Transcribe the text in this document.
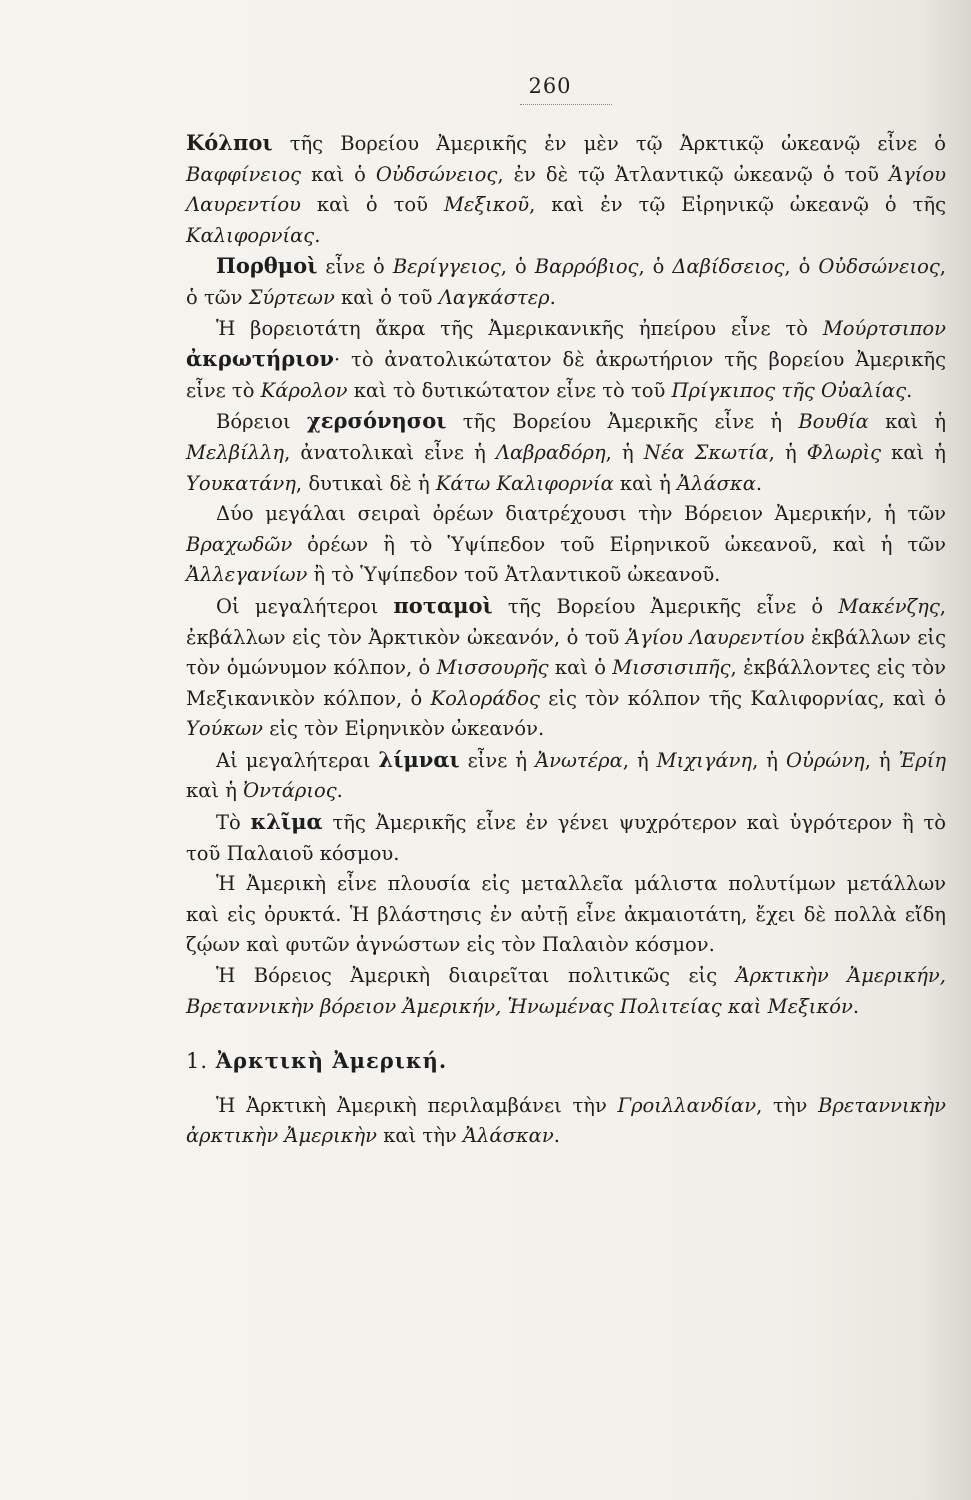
260

Κόλποι τῆς Βορείου Ἀμερικῆς ἐν μὲν τῷ Ἀρκτικῷ ὠκεανῷ εἶνε ὁ Βαφφίνειος καὶ ὁ Οὐδσώνειος, ἐν δὲ τῷ Ἀτλαντικῷ ὠκεανῷ ὁ τοῦ Ἁγίου Λαυρεντίου καὶ ὁ τοῦ Μεξικοῦ, καὶ ἐν τῷ Εἰρηνικῷ ὠκεανῷ ὁ τῆς Καλιφορνίας.

Πορθμοὶ εἶνε ὁ Βερίγγειος, ὁ Βαρρόβιος, ὁ Δαβίδσειος, ὁ Οὐδσώνειος, ὁ τῶν Σύρτεων καὶ ὁ τοῦ Λαγκάστερ.

Ἡ βορειοτάτη ἄκρα τῆς Ἀμερικανικῆς ἠπείρου εἶνε τὸ Μούρτσιπον ἀκρωτήριον· τὸ ἀνατολικώτατον δὲ ἀκρωτήριον τῆς βορείου Ἀμερικῆς εἶνε τὸ Κάρολον καὶ τὸ δυτικώτατον εἶνε τὸ τοῦ Πρίγκιπος τῆς Οὐαλίας.

Βόρειοι χερσόνησοι τῆς Βορείου Ἀμερικῆς εἶνε ἡ Βουθία καὶ ἡ Μελβίλλη, ἀνατολικαὶ εἶνε ἡ Λαβραδόρη, ἡ Νέα Σκωτία, ἡ Φλωρὶς καὶ ἡ Υουκατάνη, δυτικαὶ δὲ ἡ Κάτω Καλιφορνία καὶ ἡ Ἀλάσκα.

Δύο μεγάλαι σειραὶ ὀρέων διατρέχουσι τὴν Βόρειον Ἀμερικήν, ἡ τῶν Βραχωδῶν ὀρέων ἢ τὸ Ὑψίπεδον τοῦ Εἰρηνικοῦ ὠκεανοῦ, καὶ ἡ τῶν Ἀλλεγανίων ἢ τὸ Ὑψίπεδον τοῦ Ἀτλαντικοῦ ὠκεανοῦ.

Οἱ μεγαλήτεροι ποταμοὶ τῆς Βορείου Ἀμερικῆς εἶνε ὁ Μακένζης, ἐκβάλλων εἰς τὸν Ἀρκτικὸν ὠκεανόν, ὁ τοῦ Ἁγίου Λαυρεντίου ἐκβάλλων εἰς τὸν ὁμώνυμον κόλπον, ὁ Μισσουρῆς καὶ ὁ Μισσισιπῆς, ἐκβάλλοντες εἰς τὸν Μεξικανικὸν κόλπον, ὁ Κολοράδος εἰς τὸν κόλπον τῆς Καλιφορνίας, καὶ ὁ Υούκων εἰς τὸν Εἰρηνικὸν ὠκεανόν.

Αἱ μεγαλήτεραι λίμναι εἶνε ἡ Ἀνωτέρα, ἡ Μιχιγάνη, ἡ Οὐρώνη, ἡ Ἐρίη καὶ ἡ Ὀντάριος.

Τὸ κλῖμα τῆς Ἀμερικῆς εἶνε ἐν γένει ψυχρότερον καὶ ὑγρότερον ἢ τὸ τοῦ Παλαιοῦ κόσμου.

Ἡ Ἀμερικὴ εἶνε πλουσία εἰς μεταλλεῖα μάλιστα πολυτίμων μετάλλων καὶ εἰς ὀρυκτά. Ἡ βλάστησις ἐν αὐτῇ εἶνε ἀκμαιοτάτη, ἔχει δὲ πολλὰ εἴδη ζῴων καὶ φυτῶν ἀγνώστων εἰς τὸν Παλαιὸν κόσμον.

Ἡ Βόρειος Ἀμερικὴ διαιρεῖται πολιτικῶς εἰς Ἀρκτικὴν Ἀμερικήν, Βρεταννικὴν βόρειον Ἀμερικήν, Ἡνωμένας Πολιτείας καὶ Μεξικόν.

1. Ἀρκτικὴ Ἀμερική.

Ἡ Ἀρκτικὴ Ἀμερικὴ περιλαμβάνει τὴν Γροιλλανδίαν, τὴν Βρεταννικὴν ἀρκτικὴν Ἀμερικὴν καὶ τὴν Ἀλάσκαν.
